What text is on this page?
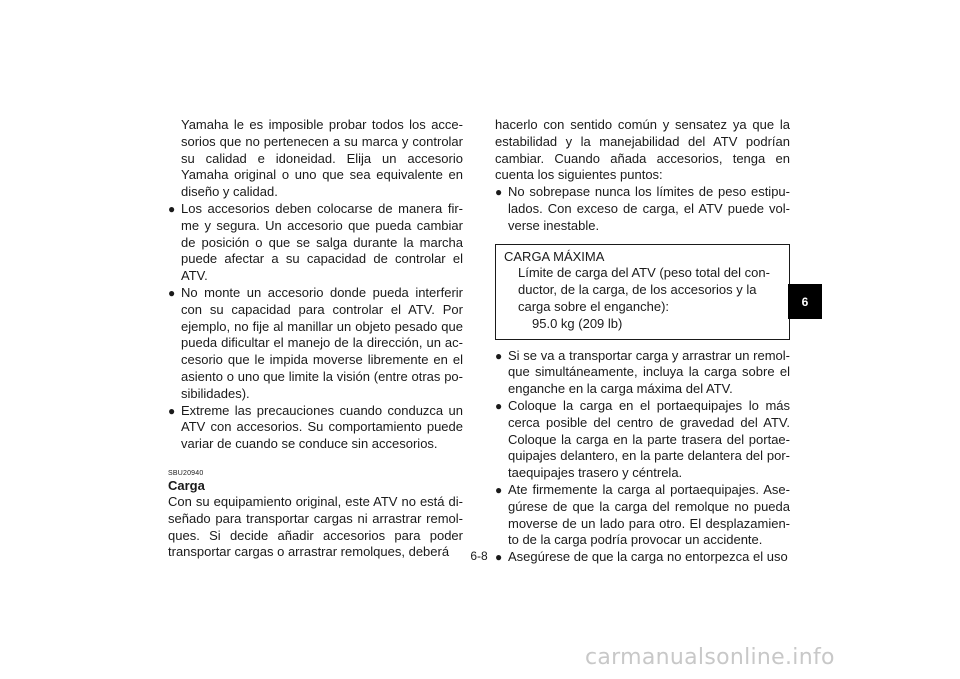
Yamaha le es imposible probar todos los acce-sorios que no pertenecen a su marca y controlar su calidad e idoneidad. Elija un accesorio Yamaha original o uno que sea equivalente en diseño y calidad.

● Los accesorios deben colocarse de manera fir-me y segura. Un accesorio que pueda cambiar de posición o que se salga durante la marcha puede afectar a su capacidad de controlar el ATV.
● No monte un accesorio donde pueda interferir con su capacidad para controlar el ATV. Por ejemplo, no fije al manillar un objeto pesado que pueda dificultar el manejo de la dirección, un ac-cesorio que le impida moverse libremente en el asiento o uno que limite la visión (entre otras po-sibilidades).
● Extreme las precauciones cuando conduzca un ATV con accesorios. Su comportamiento puede variar de cuando se conduce sin accesorios.
SBU20940
Carga

Con su equipamiento original, este ATV no está di-señado para transportar cargas ni arrastrar remol-ques. Si decide añadir accesorios para poder transportar cargas o arrastrar remolques, deberá

hacerlo con sentido común y sensatez ya que la estabilidad y la manejabilidad del ATV podrían cambiar. Cuando añada accesorios, tenga en cuenta los siguientes puntos:

● No sobrepase nunca los límites de peso estipu-lados. Con exceso de carga, el ATV puede vol-verse inestable.
CARGA MÁXIMA
Límite de carga del ATV (peso total del con-ductor, de la carga, de los accesorios y la carga sobre el enganche):
95.0 kg (209 lb)
● Si se va a transportar carga y arrastrar un remol-que simultáneamente, incluya la carga sobre el enganche en la carga máxima del ATV.
● Coloque la carga en el portaequipajes lo más cerca posible del centro de gravedad del ATV. Coloque la carga en la parte trasera del portae-quipajes delantero, en la parte delantera del por-taequipajes trasero y céntrela.
● Ate firmemente la carga al portaequipajes. Ase-gúrese de que la carga del remolque no pueda moverse de un lado para otro. El desplazamien-to de la carga podría provocar un accidente.
● Asegúrese de que la carga no entorpezca el uso
6-8
6
carmanualsonline.info
